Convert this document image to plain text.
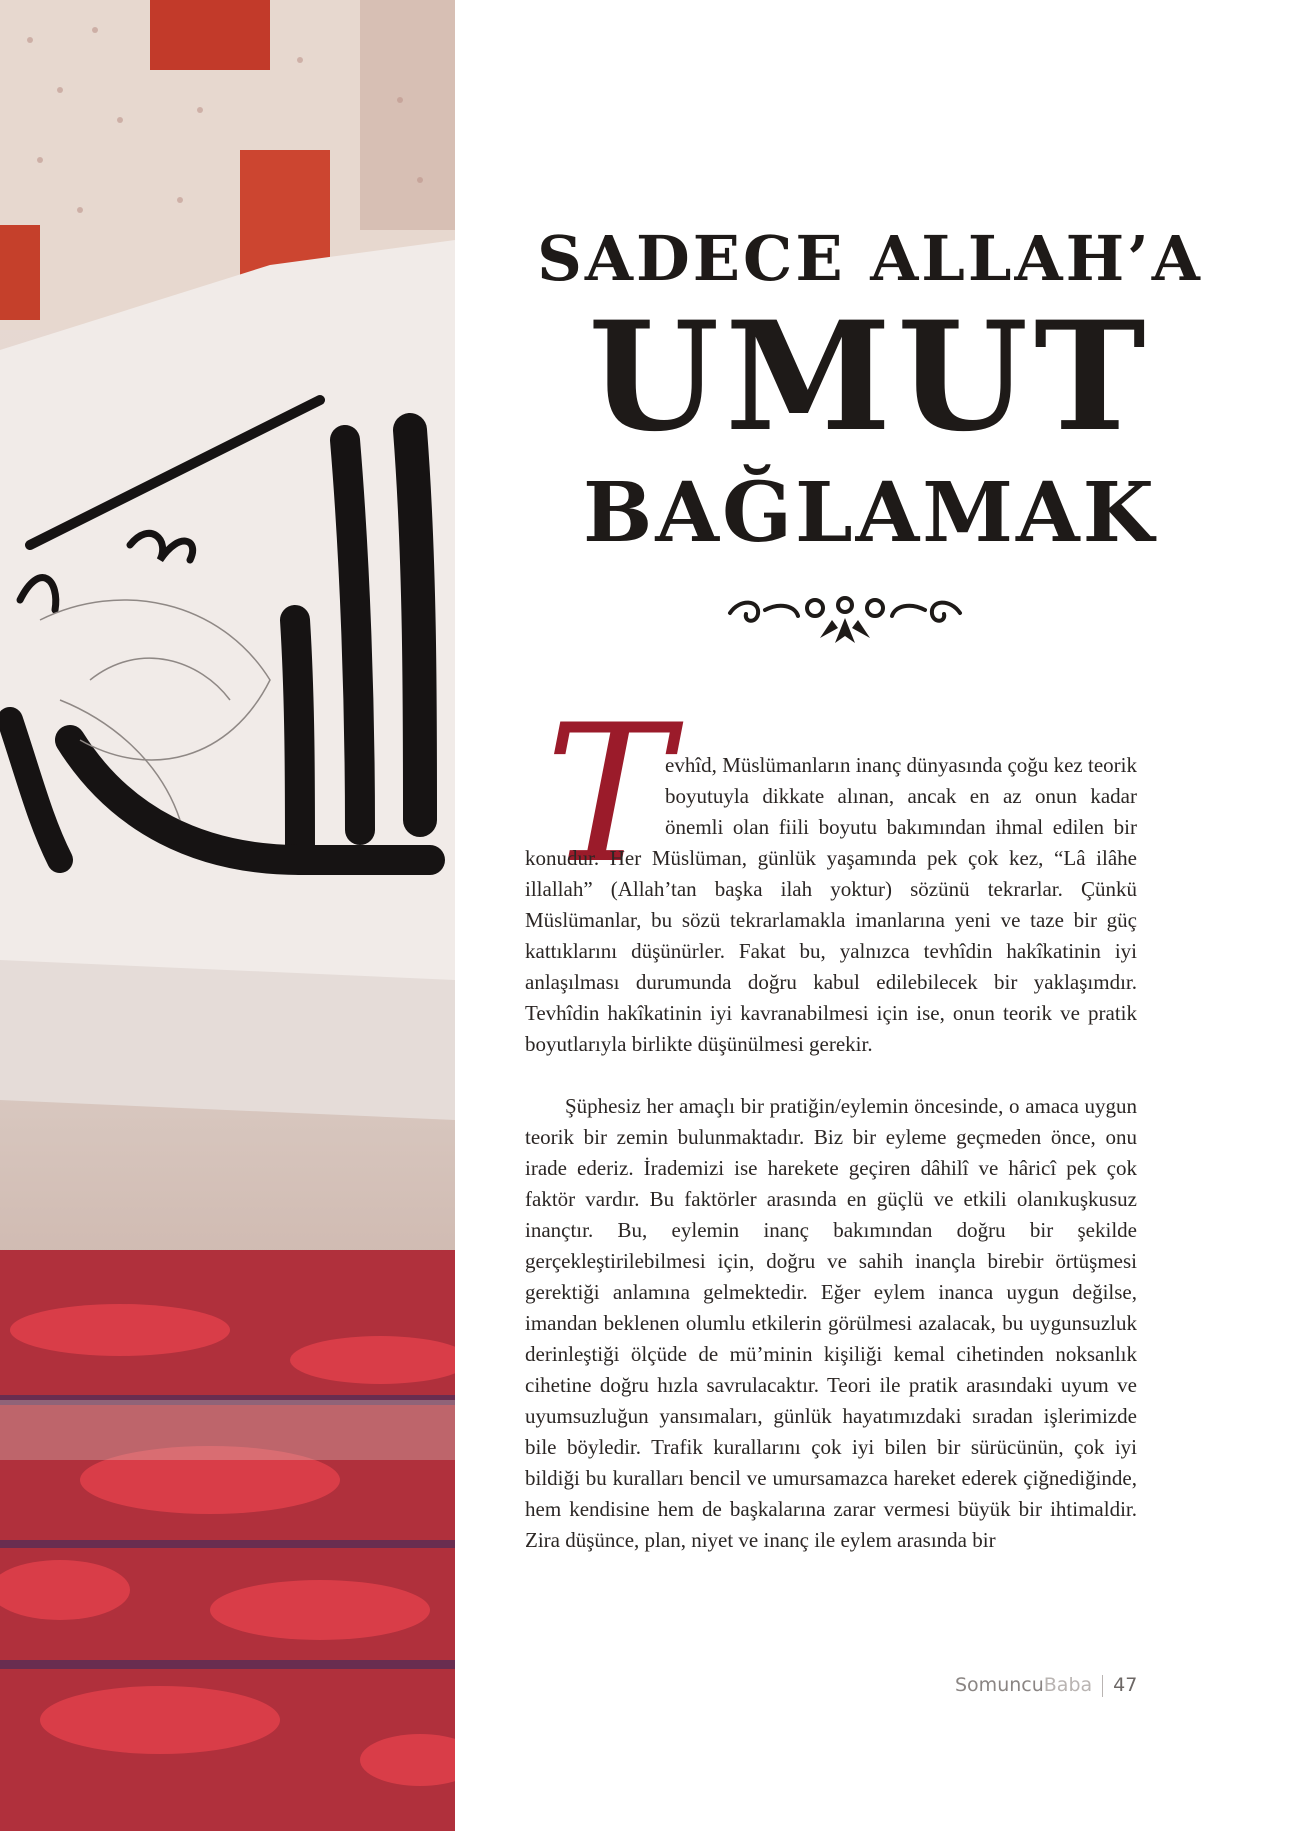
SADECE ALLAH’A
UMUT
BAĞLAMAK
T

evhîd, Müslümanların inanç dünyasında çoğu kez teorik boyutuyla dikkate alınan, ancak en az onun kadar önemli olan fiili boyutu bakımından ihmal edilen bir konudur. Her Müslüman, günlük yaşamında pek çok kez, “Lâ ilâhe illallah” (Allah’tan başka ilah yoktur) sözünü tekrarlar. Çünkü Müslümanlar, bu sözü tekrarlamakla imanlarına yeni ve taze bir güç kattıklarını düşünürler. Fakat bu, yalnızca tevhîdin hakîkatinin iyi anlaşılması durumunda doğru kabul edilebilecek bir yaklaşımdır. Tevhîdin hakîkatinin iyi kavranabilmesi için ise, onun teorik ve pratik boyutlarıyla birlikte düşünülmesi gerekir.

Şüphesiz her amaçlı bir pratiğin/eylemin öncesinde, o amaca uygun teorik bir zemin bulunmaktadır. Biz bir eyleme geçmeden önce, onu irade ederiz. İrademizi ise harekete geçiren dâhilî ve hâricî pek çok faktör vardır. Bu faktörler arasında en güçlü ve etkili olanıkuşkusuz inançtır. Bu, eylemin inanç bakımından doğru bir şekilde gerçekleştirilebilmesi için, doğru ve sahih inançla birebir örtüşmesi gerektiği anlamına gelmektedir. Eğer eylem inanca uygun değilse, imandan beklenen olumlu etkilerin görülmesi azalacak, bu uygunsuzluk derinleştiği ölçüde de mü’minin kişiliği kemal cihetinden noksanlık cihetine doğru hızla savrulacaktır. Teori ile pratik arasındaki uyum ve uyumsuzluğun yansımaları, günlük hayatımızdaki sıradan işlerimizde bile böyledir. Trafik kurallarını çok iyi bilen bir sürücünün, çok iyi bildiği bu kuralları bencil ve umursamazca hareket ederek çiğnediğinde, hem kendisine hem de başkalarına zarar vermesi büyük bir ihtimaldir. Zira düşünce, plan, niyet ve inanç ile eylem arasında bir

SomuncuBaba 47
